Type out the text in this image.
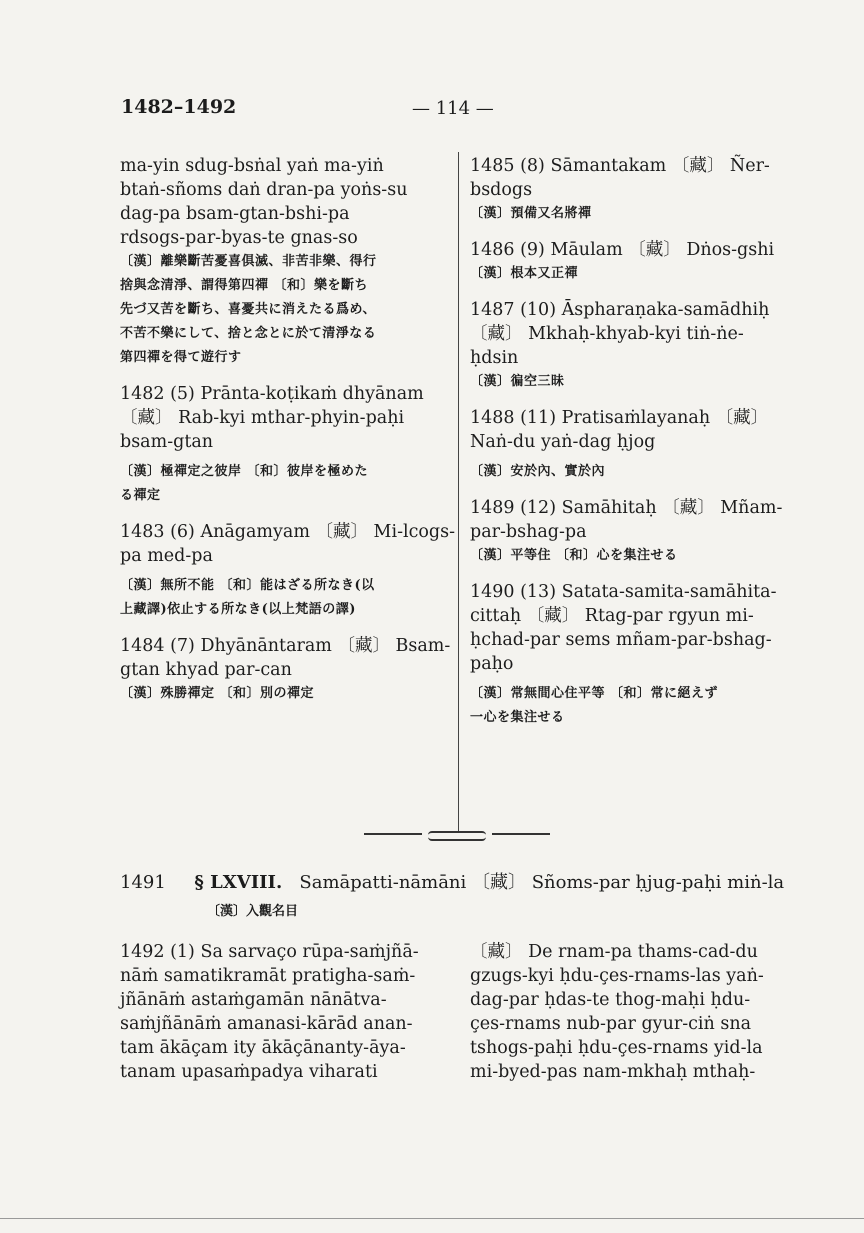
1482–1492	— 114 —
ma-yin sdug-bsṅal yaṅ ma-yiṅ
btaṅ-sñoms daṅ dran-pa yoṅs-su
dag-pa bsam-gtan-bshi-pa
rdsogs-par-byas-te gnas-so
〔漢〕離樂斷苦憂喜俱滅、非苦非樂、得行
捨與念清淨、謂得第四禪 〔和〕樂を斷ち
先づ又苦を斷ち、喜憂共に消えたる爲め、
不苦不樂にして、捨と念とに於て清淨なる
第四禪を得て遊行す
1482 (5) Prānta-koṭikaṁ dhyānam
〔藏〕 Rab-kyi mthar-phyin-paḥi
bsam-gtan
〔漢〕極禪定之彼岸 〔和〕彼岸を極めた
る禪定
1483 (6) Anāgamyam 〔藏〕 Mi-lcogs-
pa med-pa
〔漢〕無所不能 〔和〕能はざる所なき(以
上藏譯)依止する所なき(以上梵語の譯)
1484 (7) Dhyānāntaram 〔藏〕 Bsam-
gtan khyad par-can
〔漢〕殊勝禪定 〔和〕別の禪定
1485 (8) Sāmantakam 〔藏〕 Ñer-
bsdogs
〔漢〕預備又名將禪
1486 (9) Māulam 〔藏〕 Dṅos-gshi
〔漢〕根本又正禪
1487 (10) Āspharaṇaka-samādhiḥ
〔藏〕 Mkhaḥ-khyab-kyi tiṅ-ṅe-
ḥdsin
〔漢〕徧空三昧
1488 (11) Pratisaṁlayanaḥ 〔藏〕
Naṅ-du yaṅ-dag ḥjog
〔漢〕安於內、實於內
1489 (12) Samāhitaḥ 〔藏〕 Mñam-
par-bshag-pa
〔漢〕平等住 〔和〕心を集注せる
1490 (13) Satata-samita-samāhita-
cittaḥ 〔藏〕 Rtag-par rgyun mi-
ḥchad-par sems mñam-par-bshag-
paḥo
〔漢〕常無間心住平等 〔和〕常に絕えず
一心を集注せる
1491 § LXVIII. Samāpatti-nāmāni 〔藏〕 Sñoms-par ḥjug-paḥi miṅ-la
〔漢〕入觀名目
1492 (1) Sa sarvaço rūpa-saṁjñā-
nāṁ samatikramāt pratigha-saṁ-
jñānāṁ astaṁgamān nānātva-
saṁjñānāṁ amanasi-kārād anan-
tam ākāçam ity ākāçānanty-āya-
tanam upasaṁpadya viharati
〔藏〕 De rnam-pa thams-cad-du
gzugs-kyi ḥdu-çes-rnams-las yaṅ-
dag-par ḥdas-te thog-maḥi ḥdu-
çes-rnams nub-par gyur-ciṅ sna
tshogs-paḥi ḥdu-çes-rnams yid-la
mi-byed-pas nam-mkhaḥ mthaḥ-
